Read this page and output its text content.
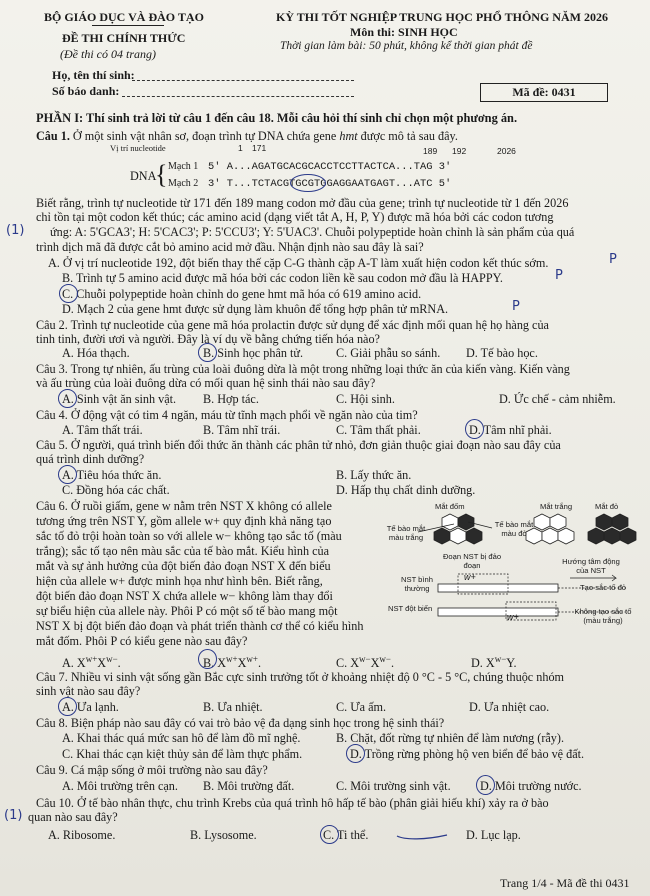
BỘ GIÁO DỤC VÀ ĐÀO TẠO
ĐỀ THI CHÍNH THỨC
(Đề thi có 04 trang)
KỲ THI TỐT NGHIỆP TRUNG HỌC PHỔ THÔNG NĂM 2026
Môn thi: SINH HỌC
Thời gian làm bài: 50 phút, không kể thời gian phát đề
Họ, tên thí sinh:
Số báo danh:	Mã đề: 0431
PHẦN I: Thí sinh trả lời từ câu 1 đến câu 18. Mỗi câu hỏi thí sinh chỉ chọn một phương án.
Câu 1. Ở một sinh vật nhân sơ, đoạn trình tự DNA chứa gene hmt được mô tả sau đây.
Vị trí nucleotide	1 171	189 192	2026
DNA
{ Mạch 1 5' A...AGATGCACGCACCTCCTTACTCA...TAG 3'
Mạch 2 3' T...TCTACGTGCGTGGAGGAATGAGT...ATC 5'
Biết rằng, trình tự nucleotide từ 171 đến 189 mang codon mở đầu của gene; trình tự nucleotide từ 1 đến 2026
chỉ tồn tại một codon kết thúc; các amino acid (dạng viết tắt A, H, P, Y) được mã hóa bởi các codon tương
ứng: A: 5'GCA3'; H: 5'CAC3'; P: 5'CCU3'; Y: 5'UAC3'. Chuỗi polypeptide hoàn chỉnh là sản phẩm của quá
trình dịch mã đã được cắt bỏ amino acid mở đầu. Nhận định nào sau đây là sai?
(1)
A. Ở vị trí nucleotide 192, đột biến thay thế cặp C-G thành cặp A-T làm xuất hiện codon kết thúc sớm.	P
B. Trình tự 5 amino acid được mã hóa bởi các codon liền kề sau codon mở đầu là HAPPY.	P
C. Chuỗi polypeptide hoàn chỉnh do gene hmt mã hóa có 619 amino acid.
D. Mạch 2 của gene hmt được sử dụng làm khuôn để tổng hợp phân tử mRNA.	P
Câu 2. Trình tự nucleotide của gene mã hóa prolactin được sử dụng để xác định mối quan hệ họ hàng của
tinh tinh, đười ươi và người. Đây là ví dụ về bằng chứng tiến hóa nào?
A. Hóa thạch.	B. Sinh học phân tử.	C. Giải phẫu so sánh. D. Tế bào học.
Câu 3. Trong tự nhiên, ấu trùng của loài đuông dừa là một trong những loại thức ăn của kiến vàng. Kiến vàng
và ấu trùng của loài đuông dừa có mối quan hệ sinh thái nào sau đây?
A. Sinh vật ăn sinh vật. B. Hợp tác.	C. Hội sinh.	D. Ức chế - cảm nhiễm.
Câu 4. Ở động vật có tim 4 ngăn, máu từ tĩnh mạch phổi về ngăn nào của tim?
A. Tâm thất trái.	B. Tâm nhĩ trái.	C. Tâm thất phải.	D. Tâm nhĩ phải.
Câu 5. Ở người, quá trình biến đổi thức ăn thành các phân tử nhỏ, đơn giản thuộc giai đoạn nào sau đây của
quá trình dinh dưỡng?
A. Tiêu hóa thức ăn.	B. Lấy thức ăn.
C. Đồng hóa các chất.	D. Hấp thụ chất dinh dưỡng.
Câu 6. Ở ruồi giấm, gene w nằm trên NST X không có allele
tương ứng trên NST Y, gồm allele w+ quy định khả năng tạo
sắc tố đỏ trội hoàn toàn so với allele w− không tạo sắc tố (màu
trắng); sắc tố tạo nên màu sắc của tế bào mắt. Kiểu hình của
mắt và sự ảnh hưởng của đột biến đảo đoạn NST X đến biểu
hiện của allele w+ được minh họa như hình bên. Biết rằng,
đột biến đảo đoạn NST X chứa allele w− không làm thay đổi
sự biểu hiện của allele này. Phôi P có một số tế bào mang một
NST X bị đột biến đảo đoạn và phát triển thành cơ thể có kiểu hình
mắt đốm. Phôi P có kiểu gene nào sau đây?
Mắt đốm	Mắt trắng	Mắt đỏ
Tế bào mắt màu trắng
Tế bào mắt màu đỏ
Đoạn NST bị đảo đoạn	Hướng tâm động của NST
NST bình thường
NST đột biến
w+
w+
Tạo sắc tố đỏ
Không tạo sắc tố (màu trắng)
A. $X^{w+}X^{w-}$.	B. $X^{w+}X^{w+}$.	C. $X^{w-}X^{w-}$.	D. $X^{w-}Y$.
Câu 7. Nhiều vi sinh vật sống gần Bắc cực sinh trưởng tốt ở khoảng nhiệt độ 0 °C - 5 °C, chúng thuộc nhóm
sinh vật nào sau đây?
A. Ưa lạnh.	B. Ưa nhiệt.	C. Ưa ấm.	D. Ưa nhiệt cao.
Câu 8. Biện pháp nào sau đây có vai trò bảo vệ đa dạng sinh học trong hệ sinh thái?
A. Khai thác quá mức san hô để làm đồ mĩ nghệ.	B. Chặt, đốt rừng tự nhiên để làm nương (rẫy).
C. Khai thác cạn kiệt thủy sản để làm thực phẩm.	D. Trồng rừng phòng hộ ven biển để bảo vệ đất.
Câu 9. Cá mập sống ở môi trường nào sau đây?
A. Môi trường trên cạn. B. Môi trường đất.	C. Môi trường sinh vật. D. Môi trường nước.
Câu 10. Ở tế bào nhân thực, chu trình Krebs của quá trình hô hấp tế bào (phân giải hiếu khí) xảy ra ở bào
quan nào sau đây?
(1)
A. Ribosome.	B. Lysosome.	C. Ti thể.	D. Lục lạp.
Trang 1/4 - Mã đề thi 0431
